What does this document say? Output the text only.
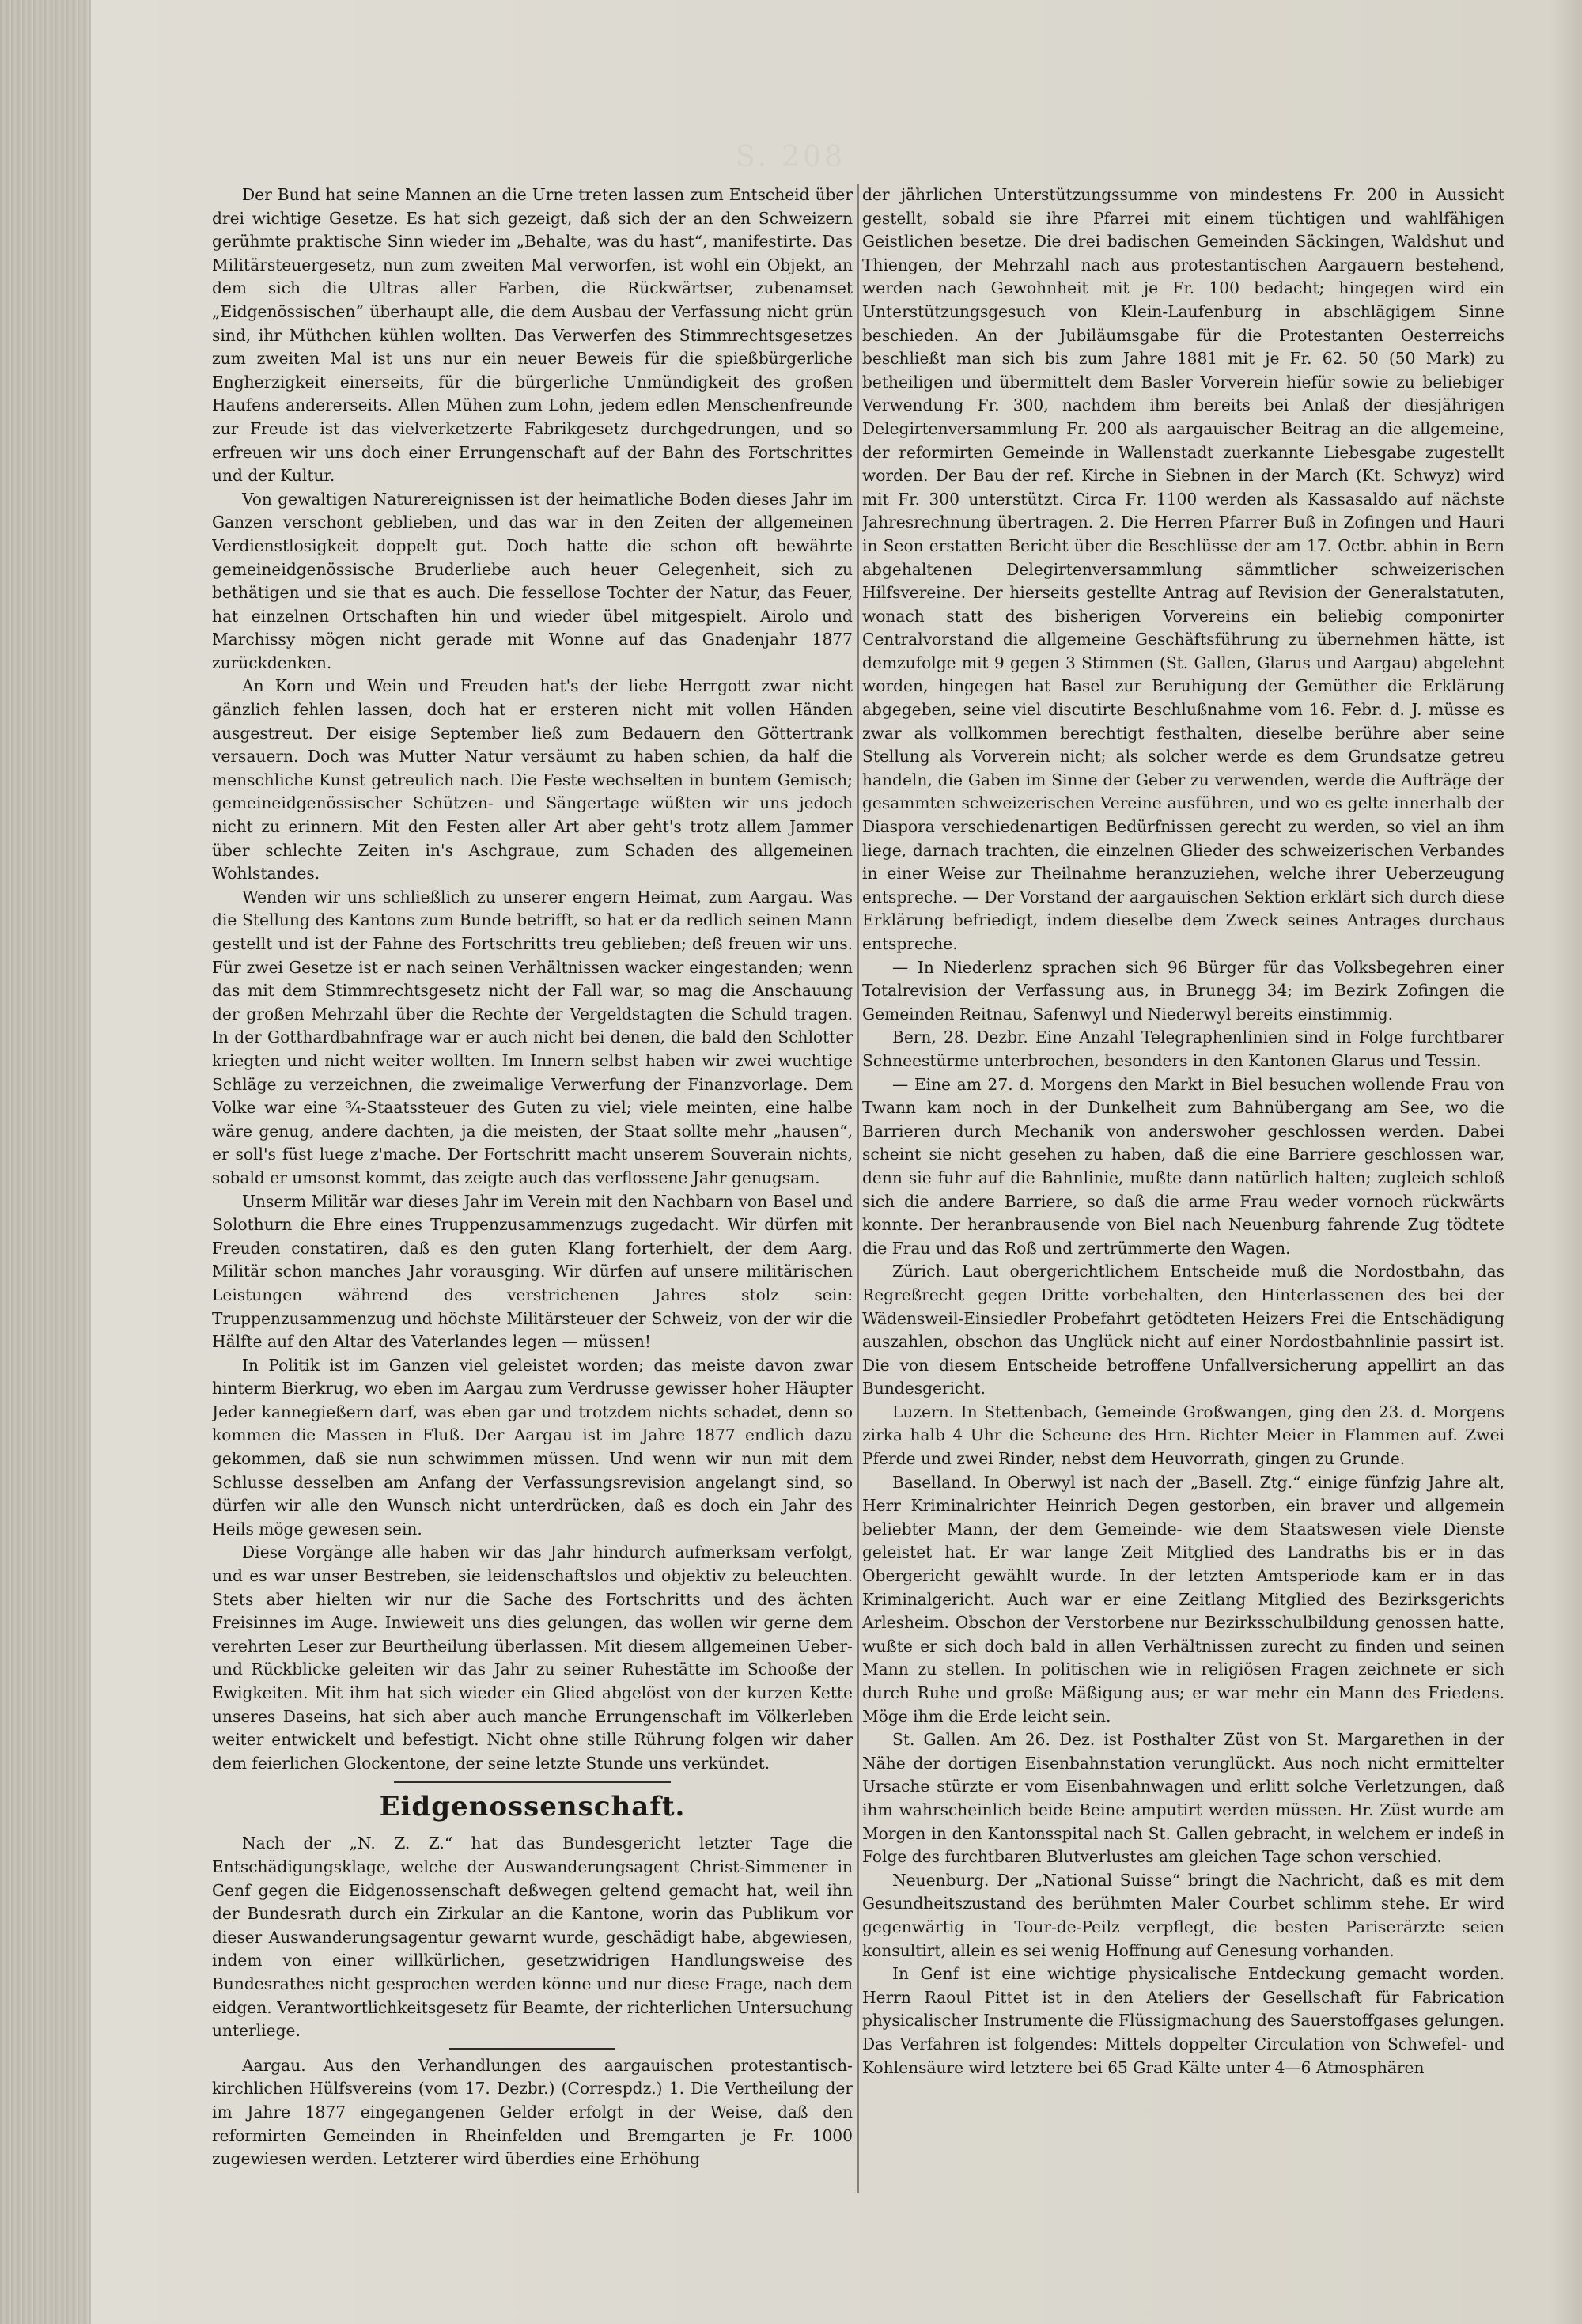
S. 208

Der Bund hat seine Mannen an die Urne treten lassen zum Entscheid über drei wichtige Gesetze. Es hat sich gezeigt, daß sich der an den Schweizern gerühmte praktische Sinn wieder im „Behalte, was du hast“, manifestirte. Das Militärsteuergesetz, nun zum zweiten Mal verworfen, ist wohl ein Objekt, an dem sich die Ultras aller Farben, die Rückwärtser, zubenamset „Eidgenössischen“ überhaupt alle, die dem Ausbau der Verfassung nicht grün sind, ihr Müthchen kühlen wollten. Das Verwerfen des Stimmrechtsgesetzes zum zweiten Mal ist uns nur ein neuer Beweis für die spießbürgerliche Engherzigkeit einerseits, für die bürgerliche Unmündigkeit des großen Haufens andererseits. Allen Mühen zum Lohn, jedem edlen Menschenfreunde zur Freude ist das vielverketzerte Fabrikgesetz durchgedrungen, und so erfreuen wir uns doch einer Errungenschaft auf der Bahn des Fortschrittes und der Kultur.

Von gewaltigen Naturereignissen ist der heimatliche Boden dieses Jahr im Ganzen verschont geblieben, und das war in den Zeiten der allgemeinen Verdienstlosigkeit doppelt gut. Doch hatte die schon oft bewährte gemeineidgenössische Bruderliebe auch heuer Gelegenheit, sich zu bethätigen und sie that es auch. Die fessellose Tochter der Natur, das Feuer, hat einzelnen Ortschaften hin und wieder übel mitgespielt. Airolo und Marchissy mögen nicht gerade mit Wonne auf das Gnadenjahr 1877 zurückdenken.

An Korn und Wein und Freuden hat's der liebe Herrgott zwar nicht gänzlich fehlen lassen, doch hat er ersteren nicht mit vollen Händen ausgestreut. Der eisige September ließ zum Bedauern den Göttertrank versauern. Doch was Mutter Natur versäumt zu haben schien, da half die menschliche Kunst getreulich nach. Die Feste wechselten in buntem Gemisch; gemeineidgenössischer Schützen- und Sängertage wüßten wir uns jedoch nicht zu erinnern. Mit den Festen aller Art aber geht's trotz allem Jammer über schlechte Zeiten in's Aschgraue, zum Schaden des allgemeinen Wohlstandes.

Wenden wir uns schließlich zu unserer engern Heimat, zum Aargau. Was die Stellung des Kantons zum Bunde betrifft, so hat er da redlich seinen Mann gestellt und ist der Fahne des Fortschritts treu geblieben; deß freuen wir uns. Für zwei Gesetze ist er nach seinen Verhältnissen wacker eingestanden; wenn das mit dem Stimmrechtsgesetz nicht der Fall war, so mag die Anschauung der großen Mehrzahl über die Rechte der Vergeldstagten die Schuld tragen. In der Gotthardbahnfrage war er auch nicht bei denen, die bald den Schlotter kriegten und nicht weiter wollten. Im Innern selbst haben wir zwei wuchtige Schläge zu verzeichnen, die zweimalige Verwerfung der Finanzvorlage. Dem Volke war eine ¾-Staatssteuer des Guten zu viel; viele meinten, eine halbe wäre genug, andere dachten, ja die meisten, der Staat sollte mehr „hausen“, er soll's füst luege z'mache. Der Fortschritt macht unserem Souverain nichts, sobald er umsonst kommt, das zeigte auch das verflossene Jahr genugsam.

Unserm Militär war dieses Jahr im Verein mit den Nachbarn von Basel und Solothurn die Ehre eines Truppenzusammenzugs zugedacht. Wir dürfen mit Freuden constatiren, daß es den guten Klang forterhielt, der dem Aarg. Militär schon manches Jahr vorausging. Wir dürfen auf unsere militärischen Leistungen während des verstrichenen Jahres stolz sein: Truppenzusammenzug und höchste Militärsteuer der Schweiz, von der wir die Hälfte auf den Altar des Vaterlandes legen — müssen!

In Politik ist im Ganzen viel geleistet worden; das meiste davon zwar hinterm Bierkrug, wo eben im Aargau zum Verdrusse gewisser hoher Häupter Jeder kannegießern darf, was eben gar und trotzdem nichts schadet, denn so kommen die Massen in Fluß. Der Aargau ist im Jahre 1877 endlich dazu gekommen, daß sie nun schwimmen müssen. Und wenn wir nun mit dem Schlusse desselben am Anfang der Verfassungsrevision angelangt sind, so dürfen wir alle den Wunsch nicht unterdrücken, daß es doch ein Jahr des Heils möge gewesen sein.

Diese Vorgänge alle haben wir das Jahr hindurch aufmerksam verfolgt, und es war unser Bestreben, sie leidenschaftslos und objektiv zu beleuchten. Stets aber hielten wir nur die Sache des Fortschritts und des ächten Freisinnes im Auge. Inwieweit uns dies gelungen, das wollen wir gerne dem verehrten Leser zur Beurtheilung überlassen. Mit diesem allgemeinen Ueber- und Rückblicke geleiten wir das Jahr zu seiner Ruhestätte im Schooße der Ewigkeiten. Mit ihm hat sich wieder ein Glied abgelöst von der kurzen Kette unseres Daseins, hat sich aber auch manche Errungenschaft im Völkerleben weiter entwickelt und befestigt. Nicht ohne stille Rührung folgen wir daher dem feierlichen Glockentone, der seine letzte Stunde uns verkündet.

Eidgenossenschaft.

Nach der „N. Z. Z.“ hat das Bundesgericht letzter Tage die Entschädigungsklage, welche der Auswanderungsagent Christ-Simmener in Genf gegen die Eidgenossenschaft deßwegen geltend gemacht hat, weil ihn der Bundesrath durch ein Zirkular an die Kantone, worin das Publikum vor dieser Auswanderungsagentur gewarnt wurde, geschädigt habe, abgewiesen, indem von einer willkürlichen, gesetzwidrigen Handlungsweise des Bundesrathes nicht gesprochen werden könne und nur diese Frage, nach dem eidgen. Verantwortlichkeitsgesetz für Beamte, der richterlichen Untersuchung unterliege.

Aargau. Aus den Verhandlungen des aargauischen protestantisch-kirchlichen Hülfsvereins (vom 17. Dezbr.) (Correspdz.) 1. Die Vertheilung der im Jahre 1877 eingegangenen Gelder erfolgt in der Weise, daß den reformirten Gemeinden in Rheinfelden und Bremgarten je Fr. 1000 zugewiesen werden. Letzterer wird überdies eine Erhöhung

der jährlichen Unterstützungssumme von mindestens Fr. 200 in Aussicht gestellt, sobald sie ihre Pfarrei mit einem tüchtigen und wahlfähigen Geistlichen besetze. Die drei badischen Gemeinden Säckingen, Waldshut und Thiengen, der Mehrzahl nach aus protestantischen Aargauern bestehend, werden nach Gewohnheit mit je Fr. 100 bedacht; hingegen wird ein Unterstützungsgesuch von Klein-Laufenburg in abschlägigem Sinne beschieden. An der Jubiläumsgabe für die Protestanten Oesterreichs beschließt man sich bis zum Jahre 1881 mit je Fr. 62. 50 (50 Mark) zu betheiligen und übermittelt dem Basler Vorverein hiefür sowie zu beliebiger Verwendung Fr. 300, nachdem ihm bereits bei Anlaß der diesjährigen Delegirtenversammlung Fr. 200 als aargauischer Beitrag an die allgemeine, der reformirten Gemeinde in Wallenstadt zuerkannte Liebesgabe zugestellt worden. Der Bau der ref. Kirche in Siebnen in der March (Kt. Schwyz) wird mit Fr. 300 unterstützt. Circa Fr. 1100 werden als Kassasaldo auf nächste Jahresrechnung übertragen. 2. Die Herren Pfarrer Buß in Zofingen und Hauri in Seon erstatten Bericht über die Beschlüsse der am 17. Octbr. abhin in Bern abgehaltenen Delegirtenversammlung sämmtlicher schweizerischen Hilfsvereine. Der hierseits gestellte Antrag auf Revision der Generalstatuten, wonach statt des bisherigen Vorvereins ein beliebig componirter Centralvorstand die allgemeine Geschäftsführung zu übernehmen hätte, ist demzufolge mit 9 gegen 3 Stimmen (St. Gallen, Glarus und Aargau) abgelehnt worden, hingegen hat Basel zur Beruhigung der Gemüther die Erklärung abgegeben, seine viel discutirte Beschlußnahme vom 16. Febr. d. J. müsse es zwar als vollkommen berechtigt festhalten, dieselbe berühre aber seine Stellung als Vorverein nicht; als solcher werde es dem Grundsatze getreu handeln, die Gaben im Sinne der Geber zu verwenden, werde die Aufträge der gesammten schweizerischen Vereine ausführen, und wo es gelte innerhalb der Diaspora verschiedenartigen Bedürfnissen gerecht zu werden, so viel an ihm liege, darnach trachten, die einzelnen Glieder des schweizerischen Verbandes in einer Weise zur Theilnahme heranzuziehen, welche ihrer Ueberzeugung entspreche. — Der Vorstand der aargauischen Sektion erklärt sich durch diese Erklärung befriedigt, indem dieselbe dem Zweck seines Antrages durchaus entspreche.

— In Niederlenz sprachen sich 96 Bürger für das Volksbegehren einer Totalrevision der Verfassung aus, in Brunegg 34; im Bezirk Zofingen die Gemeinden Reitnau, Safenwyl und Niederwyl bereits einstimmig.

Bern, 28. Dezbr. Eine Anzahl Telegraphenlinien sind in Folge furchtbarer Schneestürme unterbrochen, besonders in den Kantonen Glarus und Tessin.

— Eine am 27. d. Morgens den Markt in Biel besuchen wollende Frau von Twann kam noch in der Dunkelheit zum Bahnübergang am See, wo die Barrieren durch Mechanik von anderswoher geschlossen werden. Dabei scheint sie nicht gesehen zu haben, daß die eine Barriere geschlossen war, denn sie fuhr auf die Bahnlinie, mußte dann natürlich halten; zugleich schloß sich die andere Barriere, so daß die arme Frau weder vornoch rückwärts konnte. Der heranbrausende von Biel nach Neuenburg fahrende Zug tödtete die Frau und das Roß und zertrümmerte den Wagen.

Zürich. Laut obergerichtlichem Entscheide muß die Nordostbahn, das Regreßrecht gegen Dritte vorbehalten, den Hinterlassenen des bei der Wädensweil-Einsiedler Probefahrt getödteten Heizers Frei die Entschädigung auszahlen, obschon das Unglück nicht auf einer Nordostbahnlinie passirt ist. Die von diesem Entscheide betroffene Unfallversicherung appellirt an das Bundesgericht.

Luzern. In Stettenbach, Gemeinde Großwangen, ging den 23. d. Morgens zirka halb 4 Uhr die Scheune des Hrn. Richter Meier in Flammen auf. Zwei Pferde und zwei Rinder, nebst dem Heuvorrath, gingen zu Grunde.

Baselland. In Oberwyl ist nach der „Basell. Ztg.“ einige fünfzig Jahre alt, Herr Kriminalrichter Heinrich Degen gestorben, ein braver und allgemein beliebter Mann, der dem Gemeinde- wie dem Staatswesen viele Dienste geleistet hat. Er war lange Zeit Mitglied des Landraths bis er in das Obergericht gewählt wurde. In der letzten Amtsperiode kam er in das Kriminalgericht. Auch war er eine Zeitlang Mitglied des Bezirksgerichts Arlesheim. Obschon der Verstorbene nur Bezirksschulbildung genossen hatte, wußte er sich doch bald in allen Verhältnissen zurecht zu finden und seinen Mann zu stellen. In politischen wie in religiösen Fragen zeichnete er sich durch Ruhe und große Mäßigung aus; er war mehr ein Mann des Friedens. Möge ihm die Erde leicht sein.

St. Gallen. Am 26. Dez. ist Posthalter Züst von St. Margarethen in der Nähe der dortigen Eisenbahnstation verunglückt. Aus noch nicht ermittelter Ursache stürzte er vom Eisenbahnwagen und erlitt solche Verletzungen, daß ihm wahrscheinlich beide Beine amputirt werden müssen. Hr. Züst wurde am Morgen in den Kantonsspital nach St. Gallen gebracht, in welchem er indeß in Folge des furchtbaren Blutverlustes am gleichen Tage schon verschied.

Neuenburg. Der „National Suisse“ bringt die Nachricht, daß es mit dem Gesundheitszustand des berühmten Maler Courbet schlimm stehe. Er wird gegenwärtig in Tour-de-Peilz verpflegt, die besten Pariserärzte seien konsultirt, allein es sei wenig Hoffnung auf Genesung vorhanden.

In Genf ist eine wichtige physicalische Entdeckung gemacht worden. Herrn Raoul Pittet ist in den Ateliers der Gesellschaft für Fabrication physicalischer Instrumente die Flüssigmachung des Sauerstoffgases gelungen. Das Verfahren ist folgendes: Mittels doppelter Circulation von Schwefel- und Kohlensäure wird letztere bei 65 Grad Kälte unter 4—6 Atmosphären
